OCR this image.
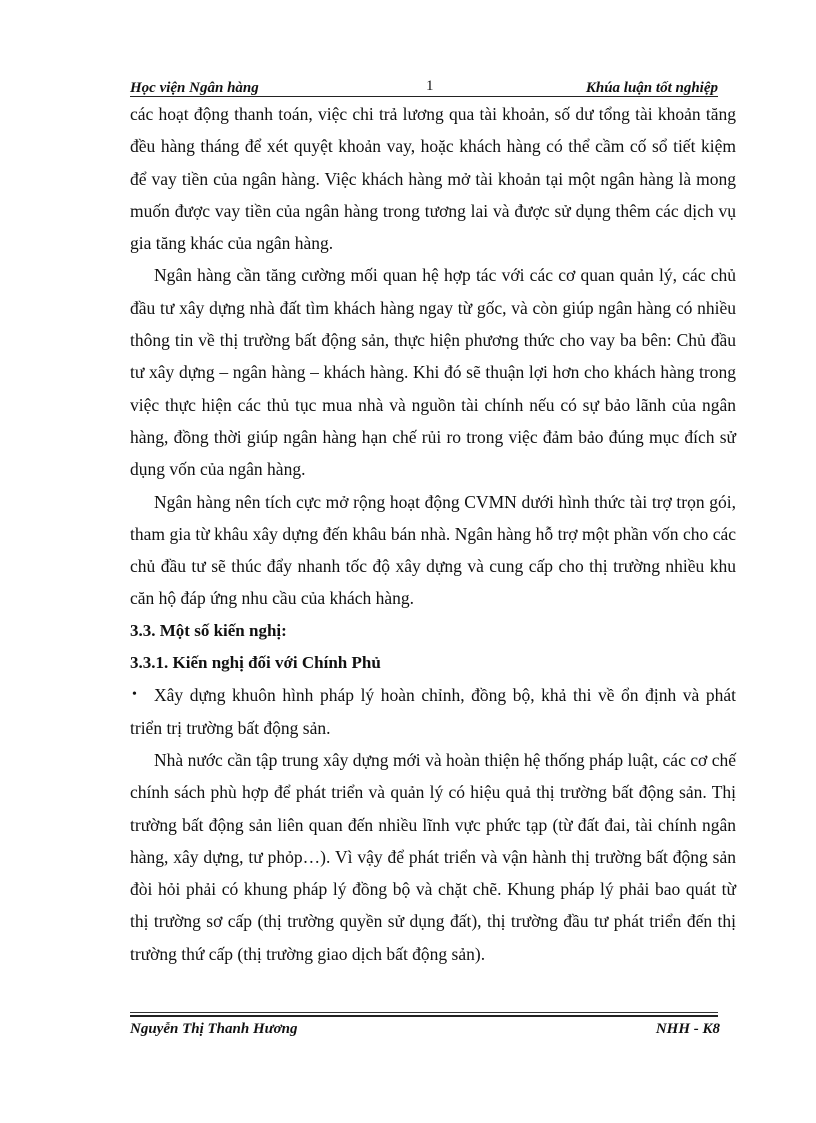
Học viện Ngân hàng	1	Khúa luận tốt nghiệp

các hoạt động thanh toán, việc chi trả lương qua tài khoản, số dư tổng tài khoản tăng đều hàng tháng để xét quyệt khoản vay, hoặc khách hàng có thể cầm cố sổ tiết kiệm để vay tiền của ngân hàng. Việc khách hàng mở tài khoản tại một ngân hàng là mong muốn được vay tiền của ngân hàng trong tương lai và được sử dụng thêm các dịch vụ gia tăng khác của ngân hàng.

Ngân hàng cần tăng cường mối quan hệ hợp tác với các cơ quan quản lý, các chủ đầu tư xây dựng nhà đất tìm khách hàng ngay từ gốc, và còn giúp ngân hàng có nhiều thông tin về thị trường bất động sản, thực hiện phương thức cho vay ba bên: Chủ đầu tư xây dựng – ngân hàng – khách hàng. Khi đó sẽ thuận lợi hơn cho khách hàng trong việc thực hiện các thủ tục mua nhà và nguồn tài chính nếu có sự bảo lãnh của ngân hàng, đồng thời giúp ngân hàng hạn chế rủi ro trong việc đảm bảo đúng mục đích sử dụng vốn của ngân hàng.

Ngân hàng nên tích cực mở rộng hoạt động CVMN dưới hình thức tài trợ trọn gói, tham gia từ khâu xây dựng đến khâu bán nhà. Ngân hàng hỗ trợ một phần vốn cho các chủ đầu tư sẽ thúc đẩy nhanh tốc độ xây dựng và cung cấp cho thị trường nhiều khu căn hộ đáp ứng nhu cầu của khách hàng.

3.3. Một số kiến nghị:

3.3.1. Kiến nghị đối với Chính Phủ

• Xây dựng khuôn hình pháp lý hoàn chỉnh, đồng bộ, khả thi về ổn định và phát triển trị trường bất động sản.

Nhà nước cần tập trung xây dựng mới và hoàn thiện hệ thống pháp luật, các cơ chế chính sách phù hợp để phát triển và quản lý có hiệu quả thị trường bất động sản. Thị trường bất động sản liên quan đến nhiều lĩnh vực phức tạp (từ đất đai, tài chính ngân hàng, xây dựng, tư phỏp…). Vì vậy để phát triển và vận hành thị trường bất động sản đòi hỏi phải có khung pháp lý đồng bộ và chặt chẽ. Khung pháp lý phải bao quát từ thị trường sơ cấp (thị trường quyền sử dụng đất), thị trường đầu tư phát triển đến thị trường thứ cấp (thị trường giao dịch bất động sản).

Nguyễn Thị Thanh Hương	NHH - K8
